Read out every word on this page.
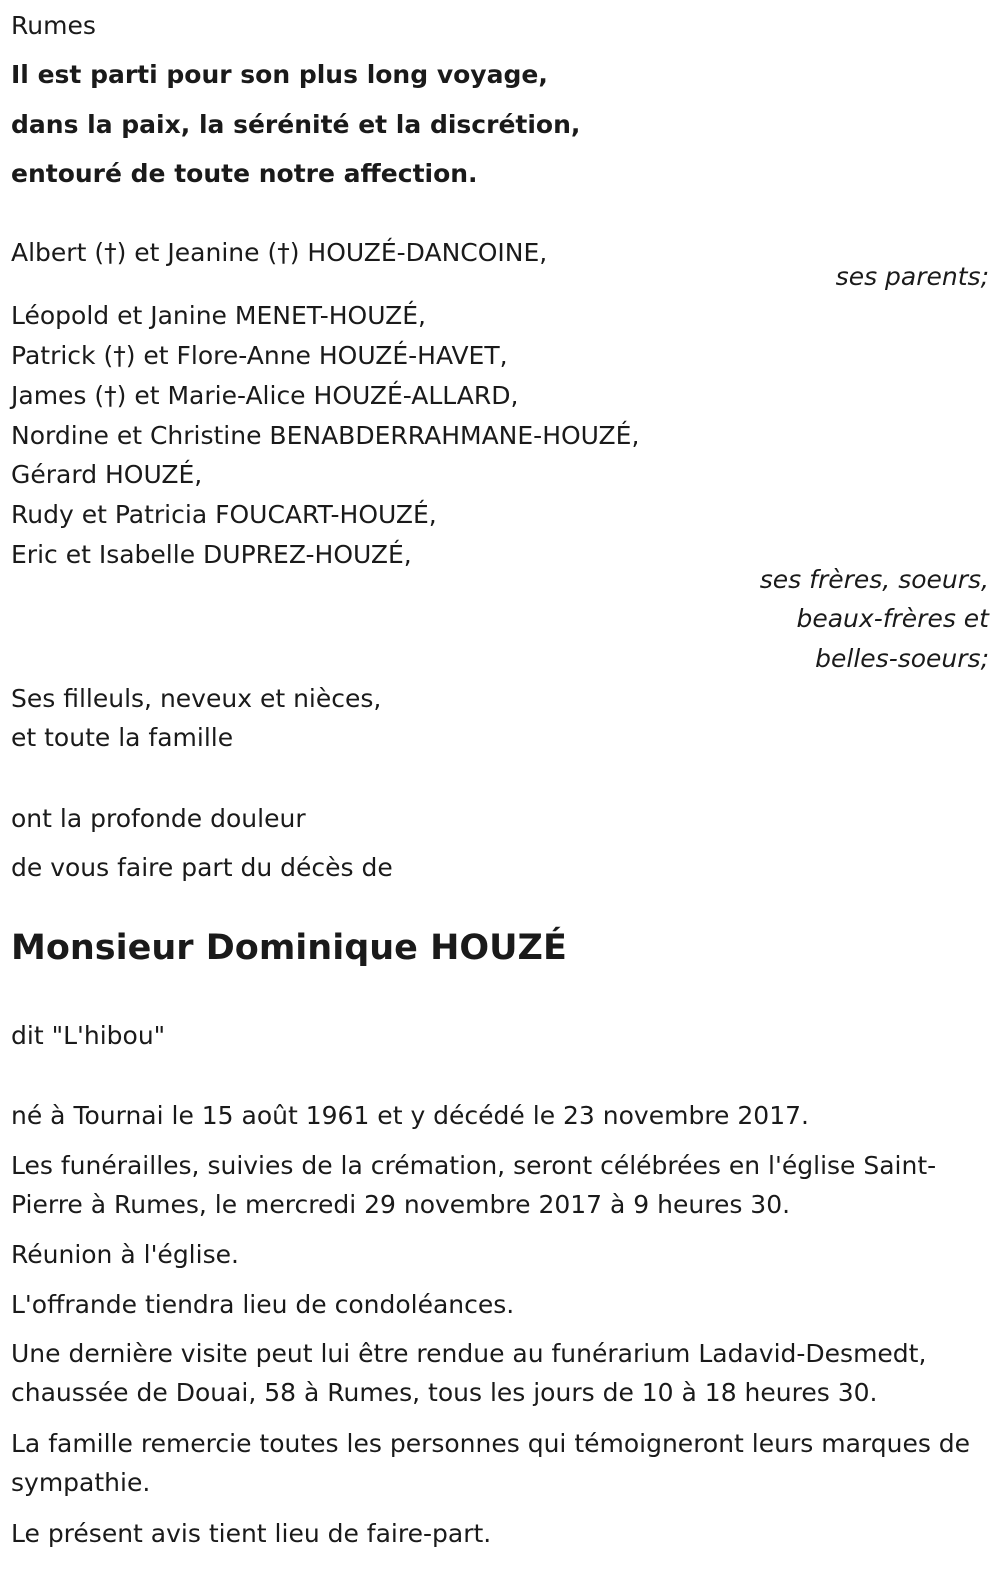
Rumes
Il est parti pour son plus long voyage,
dans la paix, la sérénité et la discrétion,
entouré de toute notre affection.
Albert (†) et Jeanine (†) HOUZÉ-DANCOINE,
ses parents;
Léopold et Janine MENET-HOUZÉ,
Patrick (†) et Flore-Anne HOUZÉ-HAVET,
James (†) et Marie-Alice HOUZÉ-ALLARD,
Nordine et Christine BENABDERRAHMANE-HOUZÉ,
Gérard HOUZÉ,
Rudy et Patricia FOUCART-HOUZÉ,
Eric et Isabelle DUPREZ-HOUZÉ,
ses frères, soeurs,
beaux-frères et
belles-soeurs;
Ses filleuls, neveux et nièces,
et toute la famille
ont la profonde douleur
de vous faire part du décès de
Monsieur Dominique HOUZÉ
dit "L'hibou"
né à Tournai le 15 août 1961 et y décédé le 23 novembre 2017.
Les funérailles, suivies de la crémation, seront célébrées en l'église Saint-Pierre à Rumes, le mercredi 29 novembre 2017 à 9 heures 30.
Réunion à l'église.
L'offrande tiendra lieu de condoléances.
Une dernière visite peut lui être rendue au funérarium Ladavid-Desmedt, chaussée de Douai, 58 à Rumes, tous les jours de 10 à 18 heures 30.
La famille remercie toutes les personnes qui témoigneront leurs marques de sympathie.
Le présent avis tient lieu de faire-part.
